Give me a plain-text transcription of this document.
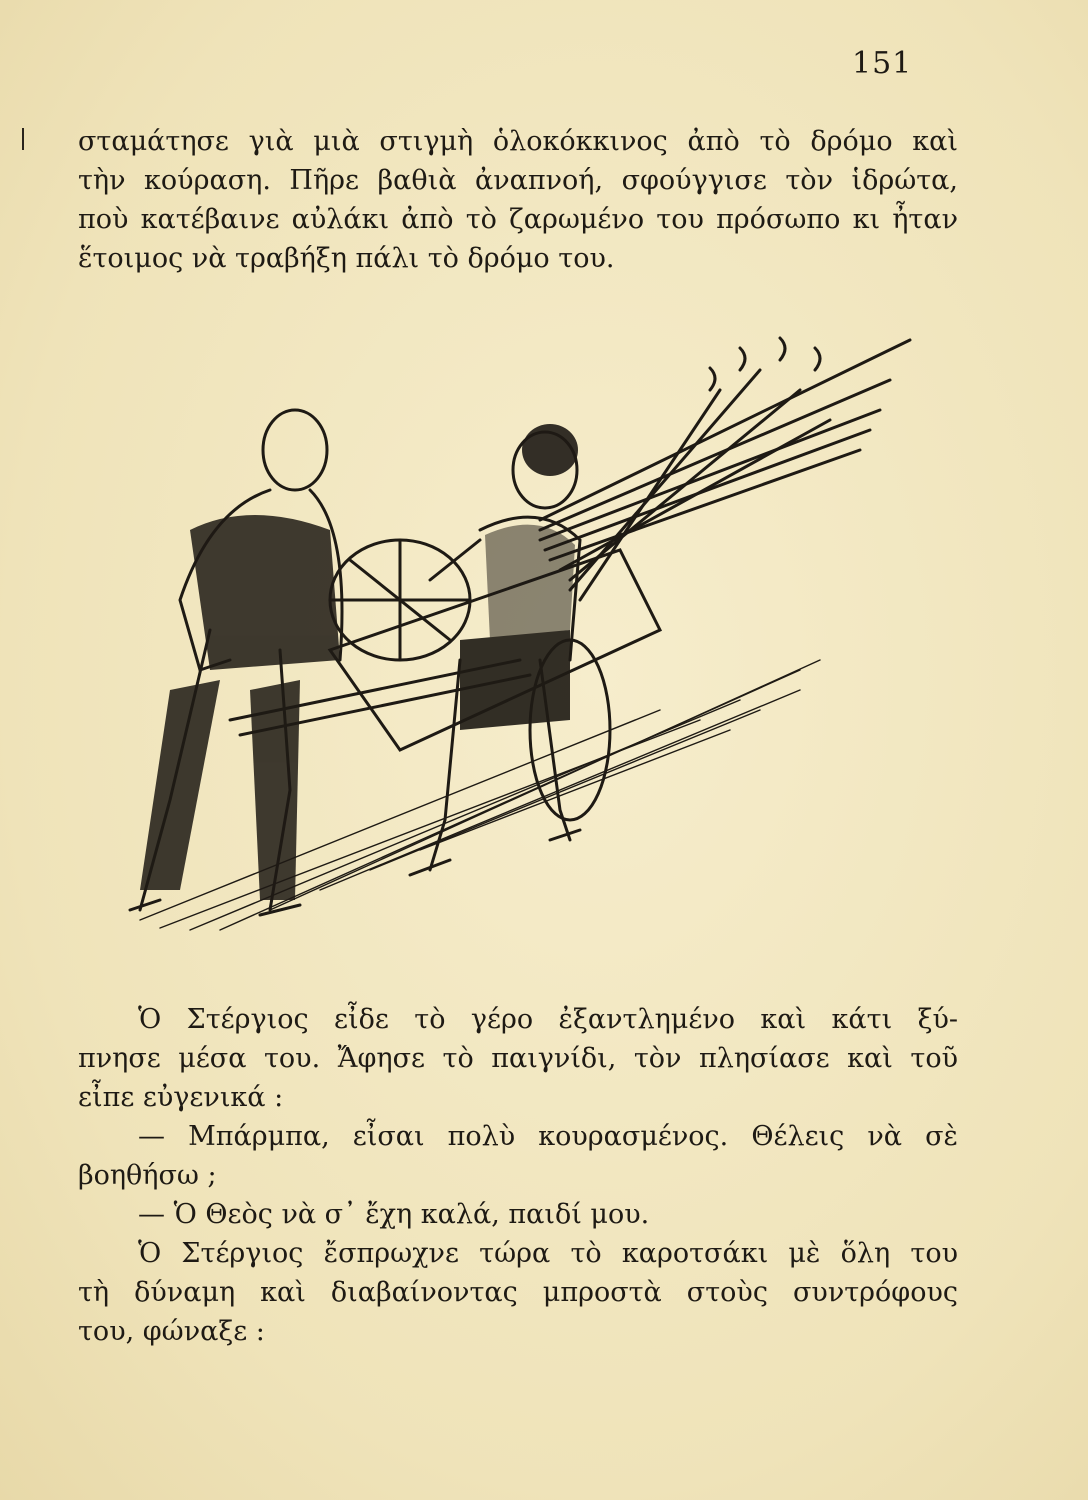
151
σταμάτησε γιὰ μιὰ στιγμὴ ὁλοκόκκινος ἀπὸ τὸ δρόμο καὶ
τὴν κούραση. Πῆρε βαθιὰ ἀναπνοή, σφούγγισε τὸν ἱδρώτα,
ποὺ κατέβαινε αὐλάκι ἀπὸ τὸ ζαρωμένο του πρόσωπο κι ἦταν
ἕτοιμος νὰ τραβήξη πάλι τὸ δρόμο του.
Ὁ Στέργιος εἶδε τὸ γέρο ἐξαντλημένο καὶ κάτι ξύ-
πνησε μέσα του. Ἄφησε τὸ παιγνίδι, τὸν πλησίασε καὶ τοῦ
εἶπε εὐγενικά :
— Μπάρμπα, εἶσαι πολὺ κουρασμένος. Θέλεις νὰ σὲ
βοηθήσω ;
— Ὁ Θεὸς νὰ σ᾿ ἔχη καλά, παιδί μου.
Ὁ Στέργιος ἔσπρωχνε τώρα τὸ καροτσάκι μὲ ὅλη του
τὴ δύναμη καὶ διαβαίνοντας μπροστὰ στοὺς συντρόφους
του, φώναξε :
